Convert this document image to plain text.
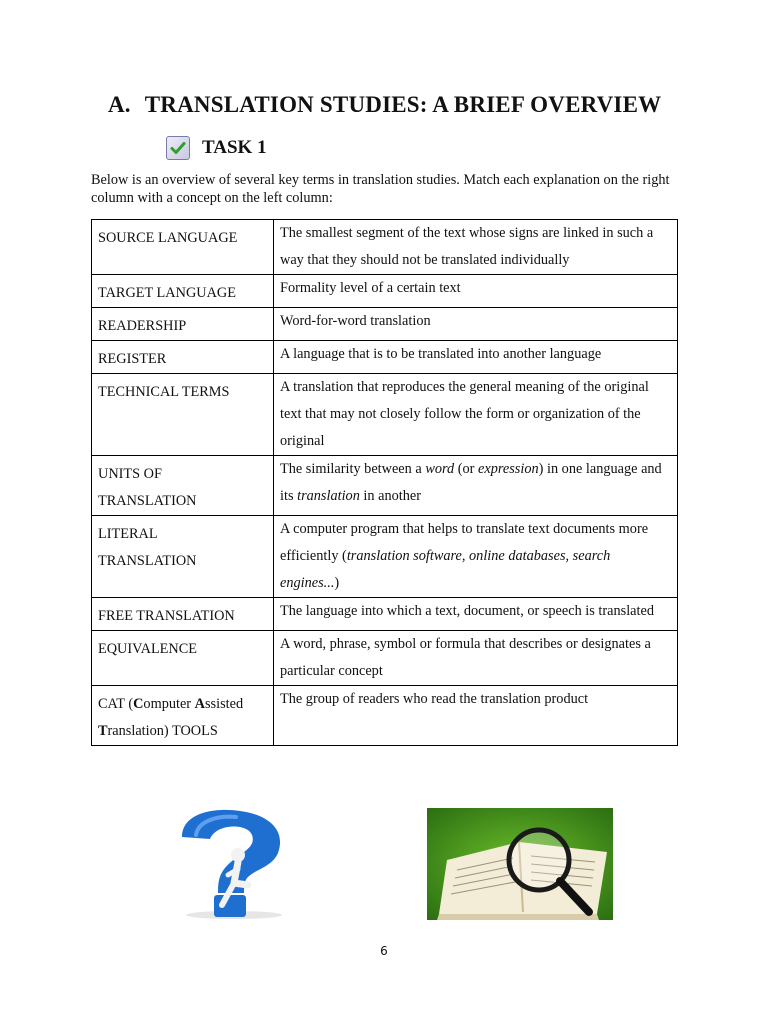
A. TRANSLATION STUDIES: A BRIEF OVERVIEW
TASK 1

Below is an overview of several key terms in translation studies. Match each explanation on the right column with a concept on the left column:

SOURCE LANGUAGE	The smallest segment of the text whose signs are linked in such a way that they should not be translated individually
TARGET LANGUAGE	Formality level of a certain text
READERSHIP	Word-for-word translation
REGISTER	A language that is to be translated into another language
TECHNICAL TERMS	A translation that reproduces the general meaning of the original text that may not closely follow the form or organization of the original
UNITS OF
TRANSLATION	The similarity between a word (or expression) in one language and its translation in another
LITERAL
TRANSLATION	A computer program that helps to translate text documents more efficiently (translation software, online databases, search engines...)
FREE TRANSLATION	The language into which a text, document, or speech is translated
EQUIVALENCE	A word, phrase, symbol or formula that describes or designates a particular concept
CAT (Computer Assisted Translation) TOOLS	The group of readers who read the translation product
6
